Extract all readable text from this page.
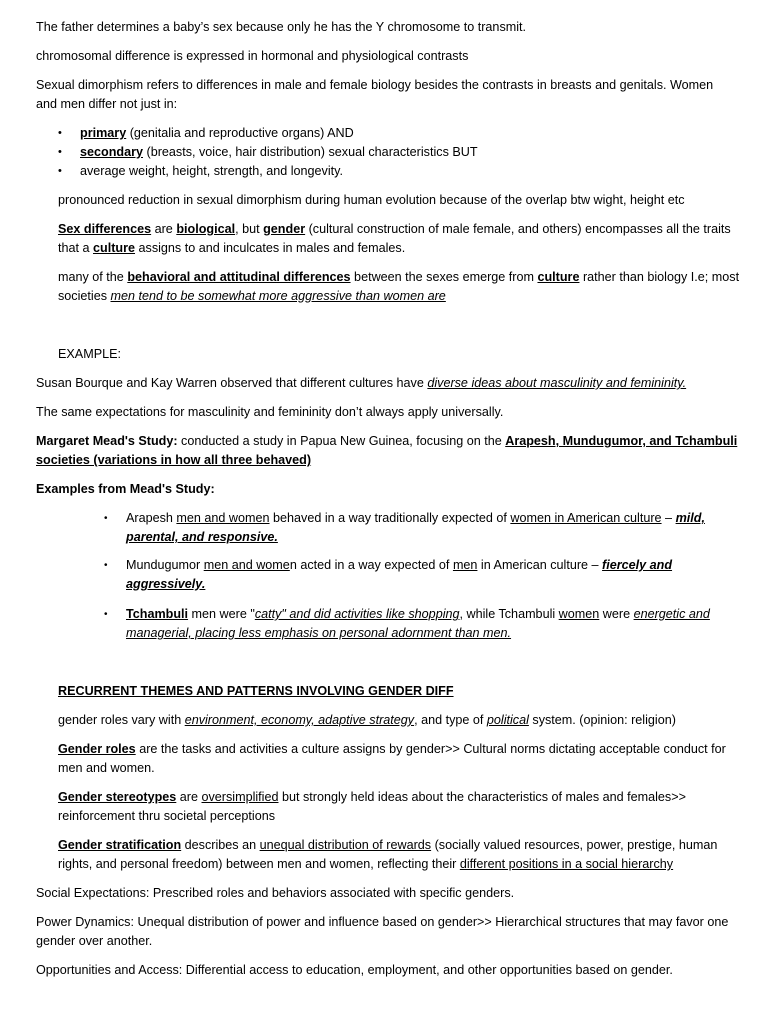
The father determines a baby’s sex because only he has the Y chromosome to transmit.
chromosomal difference is expressed in hormonal and physiological contrasts
Sexual dimorphism refers to differences in male and female biology besides the contrasts in breasts and genitals. Women
and men differ not just in:
• primary (genitalia and reproductive organs) AND
• secondary (breasts, voice, hair distribution) sexual characteristics BUT
• average weight, height, strength, and longevity.
pronounced reduction in sexual dimorphism during human evolution because of the overlap btw wight, height etc
Sex differences are biological, but gender (cultural construction of male female, and others) encompasses all the traits
that a culture assigns to and inculcates in males and females.
many of the behavioral and attitudinal differences between the sexes emerge from culture rather than biology I.e; most
societies men tend to be somewhat more aggressive than women are
EXAMPLE:
Susan Bourque and Kay Warren observed that different cultures have diverse ideas about masculinity and femininity.
The same expectations for masculinity and femininity don’t always apply universally.
Margaret Mead's Study: conducted a study in Papua New Guinea, focusing on the Arapesh, Mundugumor, and Tchambuli
societies (variations in how all three behaved)
Examples from Mead's Study:
• Arapesh men and women behaved in a way traditionally expected of women in American culture – mild,
parental, and responsive.
• Mundugumor men and women acted in a way expected of men in American culture – fiercely and
aggressively.
• Tchambuli men were "catty" and did activities like shopping, while Tchambuli women were energetic and
managerial, placing less emphasis on personal adornment than men.
RECURRENT THEMES AND PATTERNS INVOLVING GENDER DIFF
gender roles vary with environment, economy, adaptive strategy, and type of political system. (opinion: religion)
Gender roles are the tasks and activities a culture assigns by gender>> Cultural norms dictating acceptable conduct for
men and women.
Gender stereotypes are oversimplified but strongly held ideas about the characteristics of males and females>>
reinforcement thru societal perceptions
Gender stratification describes an unequal distribution of rewards (socially valued resources, power, prestige, human
rights, and personal freedom) between men and women, reflecting their different positions in a social hierarchy
Social Expectations: Prescribed roles and behaviors associated with specific genders.
Power Dynamics: Unequal distribution of power and influence based on gender>> Hierarchical structures that may favor one
gender over another.
Opportunities and Access: Differential access to education, employment, and other opportunities based on gender.
